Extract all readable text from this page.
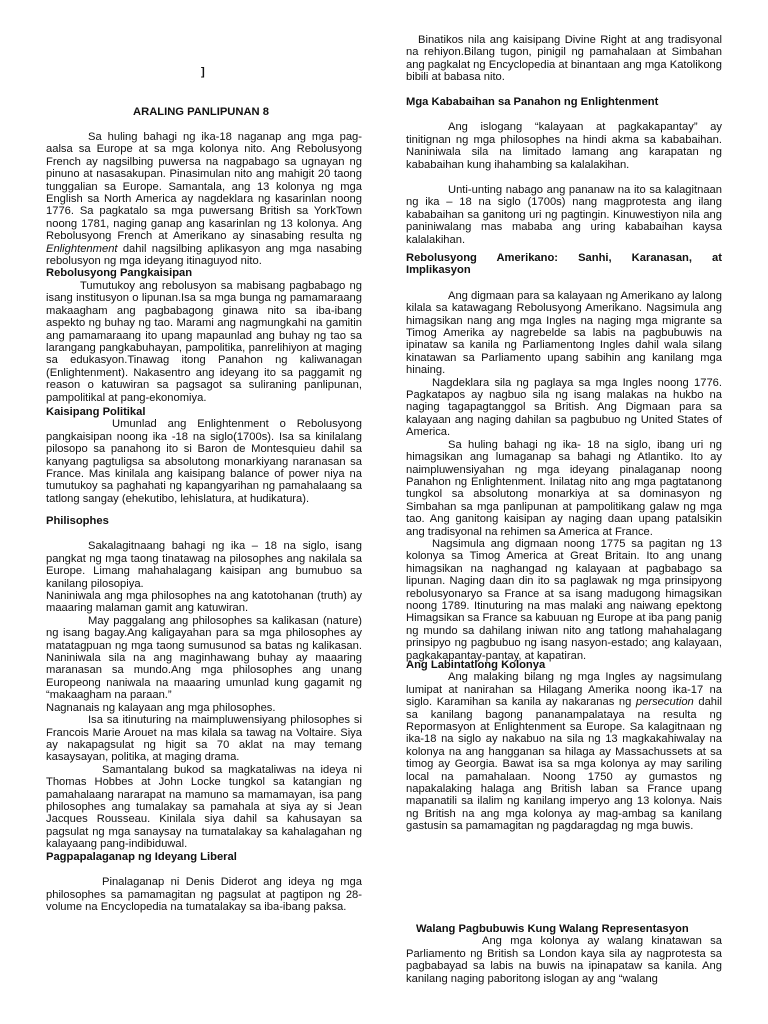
]
ARALING PANLIPUNAN 8

Sa huling bahagi ng ika-18 naganap ang mga pag-aalsa sa Europe at sa mga kolonya nito. Ang Rebolusyong French ay nagsilbing puwersa na nagpabago sa ugnayan ng pinuno at nasasakupan. Pinasimulan nito ang mahigit 20 taong tunggalian sa Europe. Samantala, ang 13 kolonya ng mga English sa North America ay nagdeklara ng kasarinlan noong 1776. Sa pagkatalo sa mga puwersang British sa YorkTown noong 1781, naging ganap ang kasarinlan ng 13 kolonya. Ang Rebolusyong French at Amerikano ay sinasabing resulta ng Enlightenment dahil nagsilbing aplikasyon ang mga nasabing rebolusyon ng mga ideyang itinaguyod nito.

Rebolusyong Pangkaisipan

Tumutukoy ang rebolusyon sa mabisang pagbabago ng isang institusyon o lipunan.Isa sa mga bunga ng pamamaraang makaagham ang pagbabagong ginawa nito sa iba-ibang aspekto ng buhay ng tao. Marami ang nagmungkahi na gamitin ang pamamaraang ito upang mapaunlad ang buhay ng tao sa larangang pangkabuhayan, pampolitika, panrelihiyon at maging sa edukasyon.Tinawag itong Panahon ng kaliwanagan (Enlightenment). Nakasentro ang ideyang ito sa paggamit ng reason o katuwiran sa pagsagot sa suliraning panlipunan, pampolitikal at pang-ekonomiya.

Kaisipang Politikal

Umunlad ang Enlightenment o Rebolusyong pangkaisipan noong ika -18 na siglo(1700s). Isa sa kinilalang pilosopo sa panahong ito si Baron de Montesquieu dahil sa kanyang pagtuligsa sa absolutong monarkiyang naranasan sa France. Mas kinilala ang kaisipang balance of power niya na tumutukoy sa paghahati ng kapangyarihan ng pamahalaang sa tatlong sangay (ehekutibo, lehislatura, at hudikatura).

Philisophes

Sakalagitnaang bahagi ng ika – 18 na siglo, isang pangkat ng mga taong tinatawag na pilosophes ang nakilala sa Europe. Limang mahahalagang kaisipan ang bumubuo sa kanilang pilosopiya.

Naniniwala ang mga philosophes na ang katotohanan (truth) ay maaaring malaman gamit ang katuwiran.

May paggalang ang philosophes sa kalikasan (nature) ng isang bagay.Ang kaligayahan para sa mga philosophes ay matatagpuan ng mga taong sumusunod sa batas ng kalikasan. Naniniwala sila na ang maginhawang buhay ay maaaring maranasan sa mundo.Ang mga philosophes ang unang Europeong naniwala na maaaring umunlad kung gagamit ng “makaagham na paraan.”

Nagnanais ng kalayaan ang mga philosophes.

Isa sa itinuturing na maimpluwensiyang philosophes si Francois Marie Arouet na mas kilala sa tawag na Voltaire. Siya ay nakapagsulat ng higit sa 70 aklat na may temang kasaysayan, politika, at maging drama.

Samantalang bukod sa magkataliwas na ideya ni Thomas Hobbes at John Locke tungkol sa katangian ng pamahalaang nararapat na mamuno sa mamamayan, isa pang philosophes ang tumalakay sa pamahala at siya ay si Jean Jacques Rousseau. Kinilala siya dahil sa kahusayan sa pagsulat ng mga sanaysay na tumatalakay sa kahalagahan ng kalayaang pang-indibiduwal.

Pagpapalaganap ng Ideyang Liberal

Pinalaganap ni Denis Diderot ang ideya ng mga philosophes sa pamamagitan ng pagsulat at pagtipon ng 28-volume na Encyclopedia na tumatalakay sa iba-ibang paksa.

Binatikos nila ang kaisipang Divine Right at ang tradisyonal na rehiyon.Bilang tugon, pinigil ng pamahalaan at Simbahan ang pagkalat ng Encyclopedia at binantaan ang mga Katolikong bibili at babasa nito.

Mga Kababaihan sa Panahon ng Enlightenment

Ang islogang “kalayaan at pagkakapantay” ay tinitignan ng mga philosophes na hindi akma sa kababaihan. Naniniwala sila na limitado lamang ang karapatan ng kababaihan kung ihahambing sa kalalakihan.

Unti-unting nabago ang pananaw na ito sa kalagitnaan ng ika – 18 na siglo (1700s) nang magprotesta ang ilang kababaihan sa ganitong uri ng pagtingin. Kinuwestiyon nila ang paniniwalang mas mababa ang uring kababaihan kaysa kalalakihan.

Rebolusyong Amerikano: Sanhi, Karanasan, at

Implikasyon

Ang digmaan para sa kalayaan ng Amerikano ay lalong kilala sa katawagang Rebolusyong Amerikano. Nagsimula ang himagsikan nang ang mga Ingles na naging mga migrante sa Timog Amerika ay nagrebelde sa labis na pagbubuwis na ipinataw sa kanila ng Parliamentong Ingles dahil wala silang kinatawan sa Parliamento upang sabihin ang kanilang mga hinaing.

Nagdeklara sila ng paglaya sa mga Ingles noong 1776. Pagkatapos ay nagbuo sila ng isang malakas na hukbo na naging tagapagtanggol sa British. Ang Digmaan para sa kalayaan ang naging dahilan sa pagbubuo ng United States of America.

Sa huling bahagi ng ika- 18 na siglo, ibang uri ng himagsikan ang lumaganap sa bahagi ng Atlantiko. Ito ay naimpluwensiyahan ng mga ideyang pinalaganap noong Panahon ng Enlightenment. Inilatag nito ang mga pagtatanong tungkol sa absolutong monarkiya at sa dominasyon ng Simbahan sa mga panlipunan at pampolitikang galaw ng mga tao. Ang ganitong kaisipan ay naging daan upang patalsikin ang tradisyonal na rehimen sa America at France.

Nagsimula ang digmaan noong 1775 sa pagitan ng 13 kolonya sa Timog America at Great Britain. Ito ang unang himagsikan na naghangad ng kalayaan at pagbabago sa lipunan. Naging daan din ito sa paglawak ng mga prinsipyong rebolusyonaryo sa France at sa isang madugong himagsikan noong 1789. Itinuturing na mas malaki ang naiwang epektong Himagsikan sa France sa kabuuan ng Europe at iba pang panig ng mundo sa dahilang iniwan nito ang tatlong mahahalagang prinsipyo ng pagbubuo ng isang nasyon-estado; ang kalayaan, pagkakapantay-pantay, at kapatiran.

Ang Labintatlong Kolonya

Ang malaking bilang ng mga Ingles ay nagsimulang lumipat at nanirahan sa Hilagang Amerika noong ika-17 na siglo. Karamihan sa kanila ay nakaranas ng persecution dahil sa kanilang bagong pananampalataya na resulta ng Repormasyon at Enlightenment sa Europe. Sa kalagitnaan ng ika-18 na siglo ay nakabuo na sila ng 13 magkakahiwalay na kolonya na ang hangganan sa hilaga ay Massachussets at sa timog ay Georgia. Bawat isa sa mga kolonya ay may sariling local na pamahalaan. Noong 1750 ay gumastos ng napakalaking halaga ang British laban sa France upang mapanatili sa ilalim ng kanilang imperyo ang 13 kolonya. Nais ng British na ang mga kolonya ay mag-ambag sa kanilang gastusin sa pamamagitan ng pagdaragdag ng mga buwis.

Walang Pagbubuwis Kung Walang Representasyon

Ang mga kolonya ay walang kinatawan sa Parliamento ng British sa London kaya sila ay nagprotesta sa pagbabayad sa labis na buwis na ipinapataw sa kanila. Ang kanilang naging paboritong islogan ay ang “walang
